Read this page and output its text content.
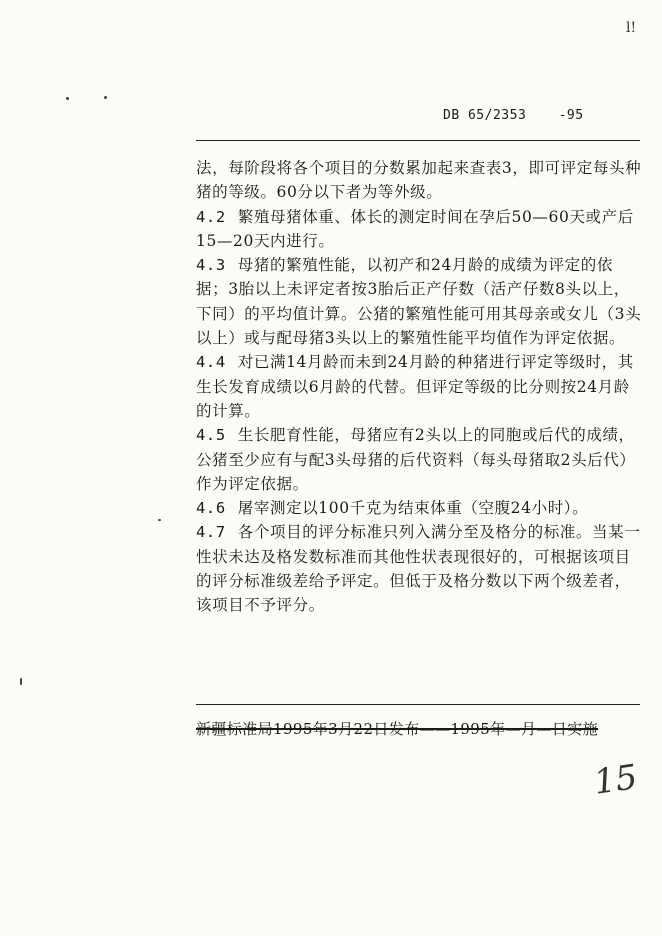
DB 65/2353 -95

法，每阶段将各个项目的分数累加起来查表3，即可评定每头种猪的等级。60分以下者为等外级。

4.2 繁殖母猪体重、体长的测定时间在孕后50—60天或产后15—20天内进行。

4.3 母猪的繁殖性能，以初产和24月龄的成绩为评定的依据；3胎以上未评定者按3胎后正产仔数（活产仔数8头以上，下同）的平均值计算。公猪的繁殖性能可用其母亲或女儿（3头以上）或与配母猪3头以上的繁殖性能平均值作为评定依据。

4.4 对已满14月龄而未到24月龄的种猪进行评定等级时，其生长发育成绩以6月龄的代替。但评定等级的比分则按24月龄的计算。

4.5 生长肥育性能，母猪应有2头以上的同胞或后代的成绩，公猪至少应有与配3头母猪的后代资料（每头母猪取2头后代）作为评定依据。

4.6 屠宰测定以100千克为结束体重（空腹24小时）。

4.7 各个项目的评分标准只列入满分至及格分的标准。当某一性状未达及格发数标准而其他性状表现很好的，可根据该项目的评分标准级差给予评定。但低于及格分数以下两个级差者，该项目不予评分。

新疆标准局1995年3月22日发布——1995年—月—日实施
l!
15
